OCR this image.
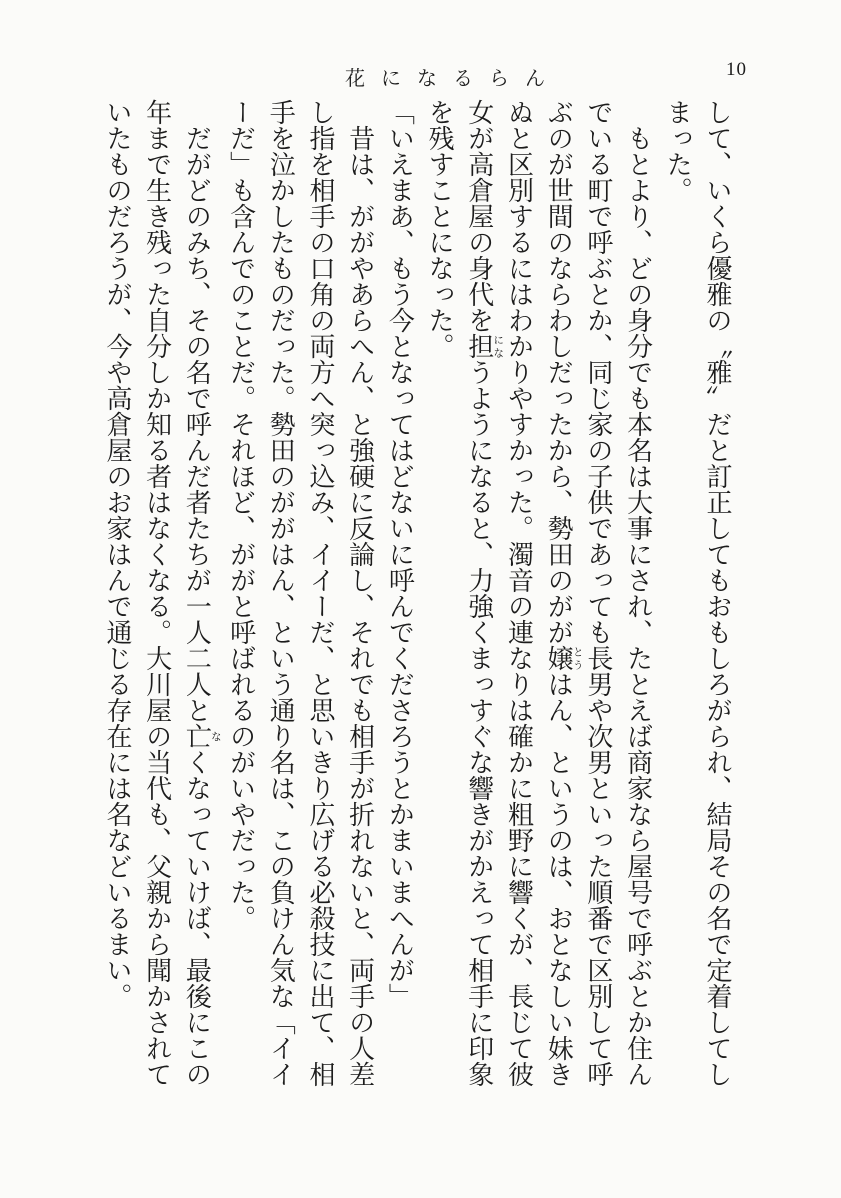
花になるらん	10

して、いくら優雅の〝雅〟だと訂正してもおもしろがられ、結局その名で定着してしまった。

もとより、どの身分でも本名は大事にされ、たとえば商家なら屋号で呼ぶとか住んでいる町で呼ぶとか、同じ家の子供であっても長男や次男といった順番で区別して呼ぶのが世間のならわしだったから、勢田のがが嬢とうはん、というのは、おとなしい妹きぬと区別するにはわかりやすかった。濁音の連なりは確かに粗野に響くが、長じて彼女が高倉屋の身代を担になうようになると、力強くまっすぐな響きがかえって相手に印象を残すことになった。

「いえまあ、もう今となってはどないに呼んでくださろうとかまいまへんが」

昔は、ががやあらへん、と強硬に反論し、それでも相手が折れないと、両手の人差し指を相手の口角の両方へ突っ込み、イイーだ、と思いきり広げる必殺技に出て、相手を泣かしたものだった。勢田のががはん、という通り名は、この負けん気な「イイーだ」も含んでのことだ。それほど、ががと呼ばれるのがいやだった。

だがどのみち、その名で呼んだ者たちが一人二人と亡なくなっていけば、最後にこの年まで生き残った自分しか知る者はなくなる。大川屋の当代も、父親から聞かされていたものだろうが、今や高倉屋のお家はんで通じる存在には名などいるまい。
